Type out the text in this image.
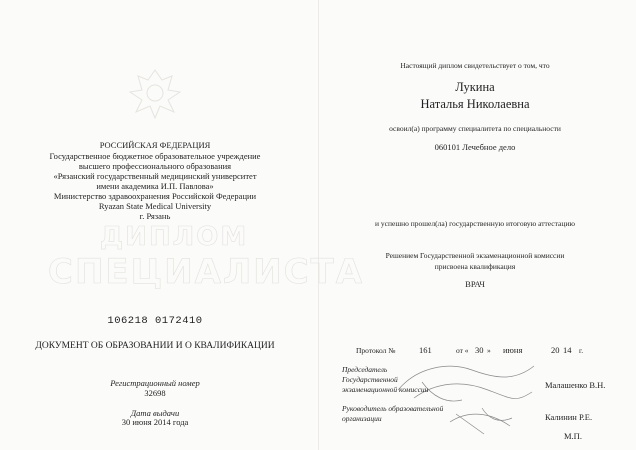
ДИПЛОМ
СПЕЦИАЛИСТА
РОССИЙСКАЯ ФЕДЕРАЦИЯ
Государственное бюджетное образовательное учреждение
высшего профессионального образования
«Рязанский государственный медицинский университет
имени академика И.П. Павлова»
Министерство здравоохранения Российской Федерации
Ryazan State Medical University
г. Рязань
106218 0172410
ДОКУМЕНТ ОБ ОБРАЗОВАНИИ И О КВАЛИФИКАЦИИ
Регистрационный номер
32698
Дата выдачи
30 июня 2014 года
Настоящий диплом свидетельствует о том, что
Лукина
Наталья Николаевна
освоил(а) программу специалитета по специальности
060101 Лечебное дело
и успешно прошел(ла) государственную итоговую аттестацию
Решением Государственной экзаменационной комиссии
присвоена квалификация
ВРАЧ
Протокол №	161	от « 30 » июня	20 14 г.
Председатель
Государственной
экзаменационной комиссии	Малашенко В.Н.
Руководитель образовательной
организации	Калинин Р.Е.
М.П.
